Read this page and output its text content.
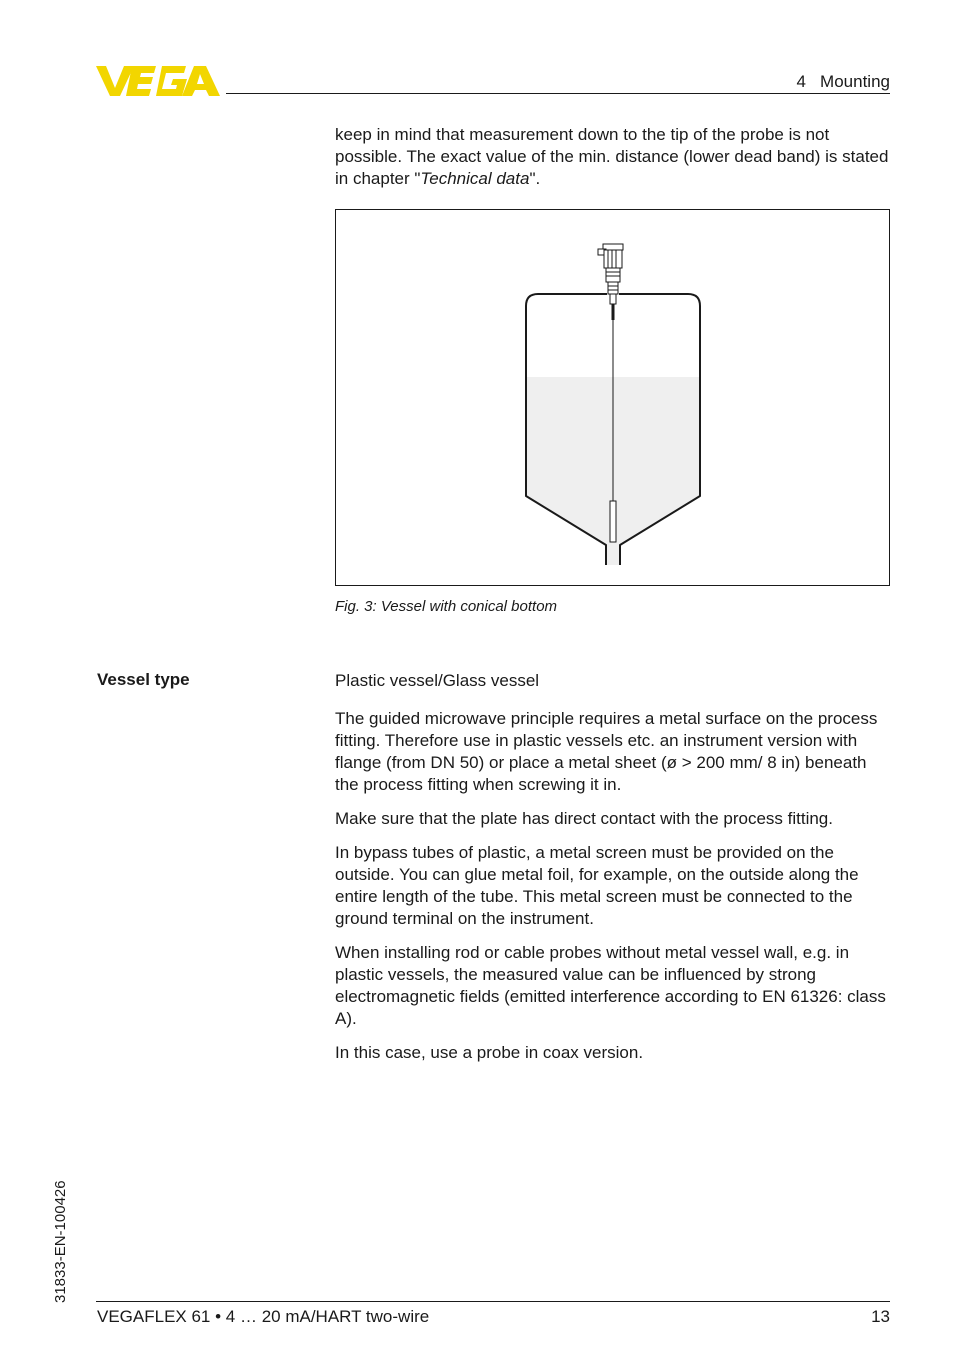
4   Mounting

keep in mind that measurement down to the tip of the probe is not possible. The exact value of the min. distance (lower dead band) is stated in chapter "Technical data".

Fig. 3: Vessel with conical bottom
Vessel type	Plastic vessel/Glass vessel

The guided microwave principle requires a metal surface on the process fitting. Therefore use in plastic vessels etc. an instrument version with flange (from DN 50) or place a metal sheet (ø > 200 mm/ 8 in) beneath the process fitting when screwing it in.

Make sure that the plate has direct contact with the process fitting.

In bypass tubes of plastic, a metal screen must be provided on the outside. You can glue metal foil, for example, on the outside along the entire length of the tube. This metal screen must be connected to the ground terminal on the instrument.

When installing rod or cable probes without metal vessel wall, e.g. in plastic vessels, the measured value can be influenced by strong electromagnetic fields (emitted interference according to EN 61326: class A).

In this case, use a probe in coax version.

31833-EN-100426
VEGAFLEX 61 • 4 … 20 mA/HART two-wire	13
